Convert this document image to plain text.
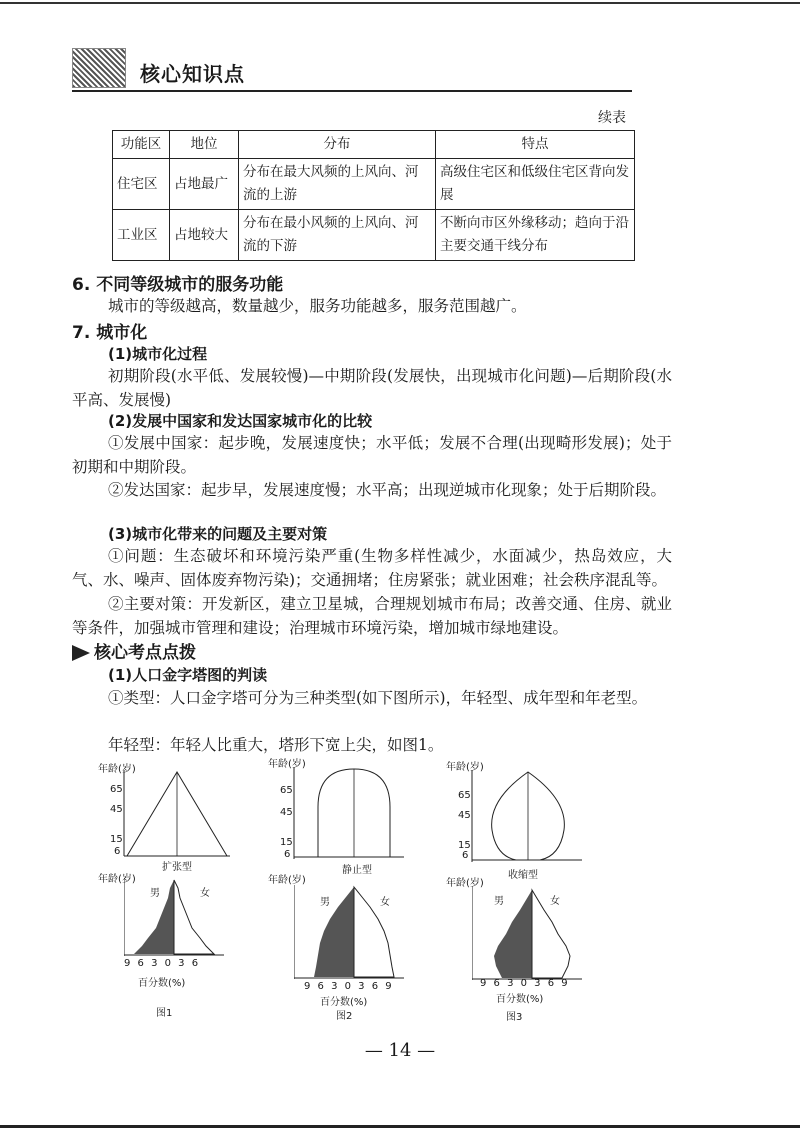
核心知识点
续表
功能区	地位	分布	特点
住宅区	占地最广	分布在最大风频的上风向、河流的上游	高级住宅区和低级住宅区背向发展
工业区	占地较大	分布在最小风频的上风向、河流的下游	不断向市区外缘移动；趋向于沿主要交通干线分布
6. 不同等级城市的服务功能
城市的等级越高，数量越少，服务功能越多，服务范围越广。
7. 城市化
(1)城市化过程
初期阶段(水平低、发展较慢)—中期阶段(发展快，出现城市化问题)—后期阶段(水平高、发展慢)
(2)发展中国家和发达国家城市化的比较
①发展中国家：起步晚，发展速度快；水平低；发展不合理(出现畸形发展)；处于初期和中期阶段。
②发达国家：起步早，发展速度慢；水平高；出现逆城市化现象；处于后期阶段。
(3)城市化带来的问题及主要对策
①问题：生态破坏和环境污染严重(生物多样性减少，水面减少，热岛效应，大气、水、噪声、固体废弃物污染)；交通拥堵；住房紧张；就业困难；社会秩序混乱等。
②主要对策：开发新区，建立卫星城，合理规划城市布局；改善交通、住房、就业等条件，加强城市管理和建设；治理城市环境污染，增加城市绿地建设。
核心考点点拨
(1)人口金字塔图的判读
①类型：人口金字塔可分为三种类型(如下图所示)，年轻型、成年型和年老型。
年轻型：年轻人比重大，塔形下宽上尖，如图1。
年龄(岁)
65
45
15
6
扩张型
年龄(岁)
男	女
9 6 3 0 3 6
百分数(%)
图1
年龄(岁)
65
45
15
6
静止型
年龄(岁)
男	女
9 6 3 0 3 6 9
百分数(%)
图2
年龄(岁)
65
45
15
6
收缩型
年龄(岁)
男	女
9 6 3 0 3 6 9
百分数(%)
图3
— 14 —
